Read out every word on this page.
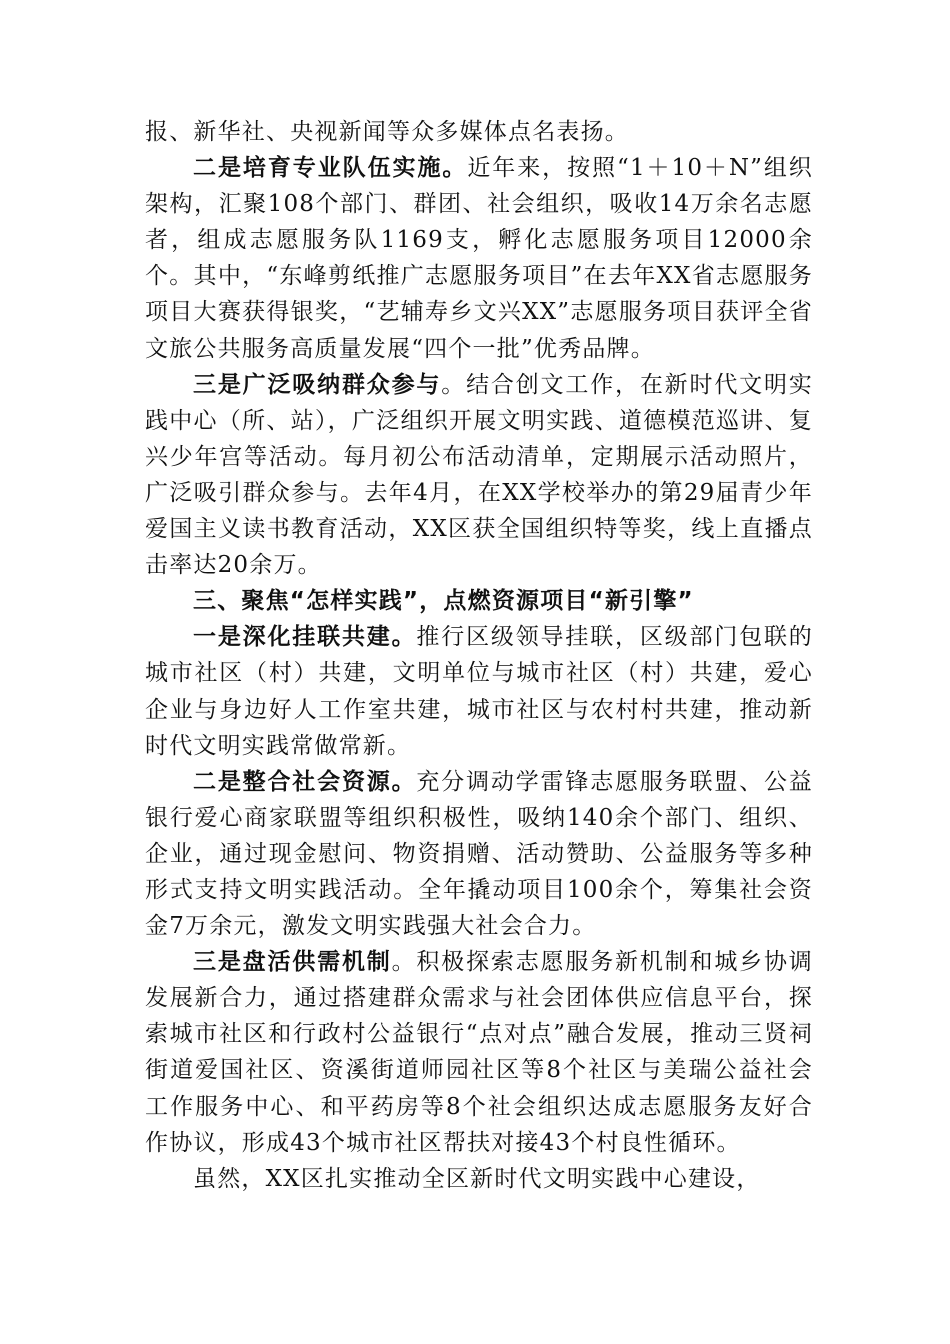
报、新华社、央视新闻等众多媒体点名表扬。

二是培育专业队伍实施。近年来，按照“1＋10＋N”组织架构，汇聚108个部门、群团、社会组织，吸收14万余名志愿者，组成志愿服务队1169支，孵化志愿服务项目12000余个。其中，“东峰剪纸推广志愿服务项目”在去年XX省志愿服务项目大赛获得银奖，“艺辅寿乡文兴XX”志愿服务项目获评全省文旅公共服务高质量发展“四个一批”优秀品牌。

三是广泛吸纳群众参与。结合创文工作，在新时代文明实践中心（所、站），广泛组织开展文明实践、道德模范巡讲、复兴少年宫等活动。每月初公布活动清单，定期展示活动照片，广泛吸引群众参与。去年4月，在XX学校举办的第29届青少年爱国主义读书教育活动，XX区获全国组织特等奖，线上直播点击率达20余万。

三、聚焦“怎样实践”，点燃资源项目“新引擎”

一是深化挂联共建。推行区级领导挂联，区级部门包联的城市社区（村）共建，文明单位与城市社区（村）共建，爱心企业与身边好人工作室共建，城市社区与农村村共建，推动新时代文明实践常做常新。

二是整合社会资源。充分调动学雷锋志愿服务联盟、公益银行爱心商家联盟等组织积极性，吸纳140余个部门、组织、企业，通过现金慰问、物资捐赠、活动赞助、公益服务等多种形式支持文明实践活动。全年撬动项目100余个，筹集社会资金7万余元，激发文明实践强大社会合力。

三是盘活供需机制。积极探索志愿服务新机制和城乡协调发展新合力，通过搭建群众需求与社会团体供应信息平台，探索城市社区和行政村公益银行“点对点”融合发展，推动三贤祠街道爱国社区、资溪街道师园社区等8个社区与美瑞公益社会工作服务中心、和平药房等8个社会组织达成志愿服务友好合作协议，形成43个城市社区帮扶对接43个村良性循环。

虽然，XX区扎实推动全区新时代文明实践中心建设，
